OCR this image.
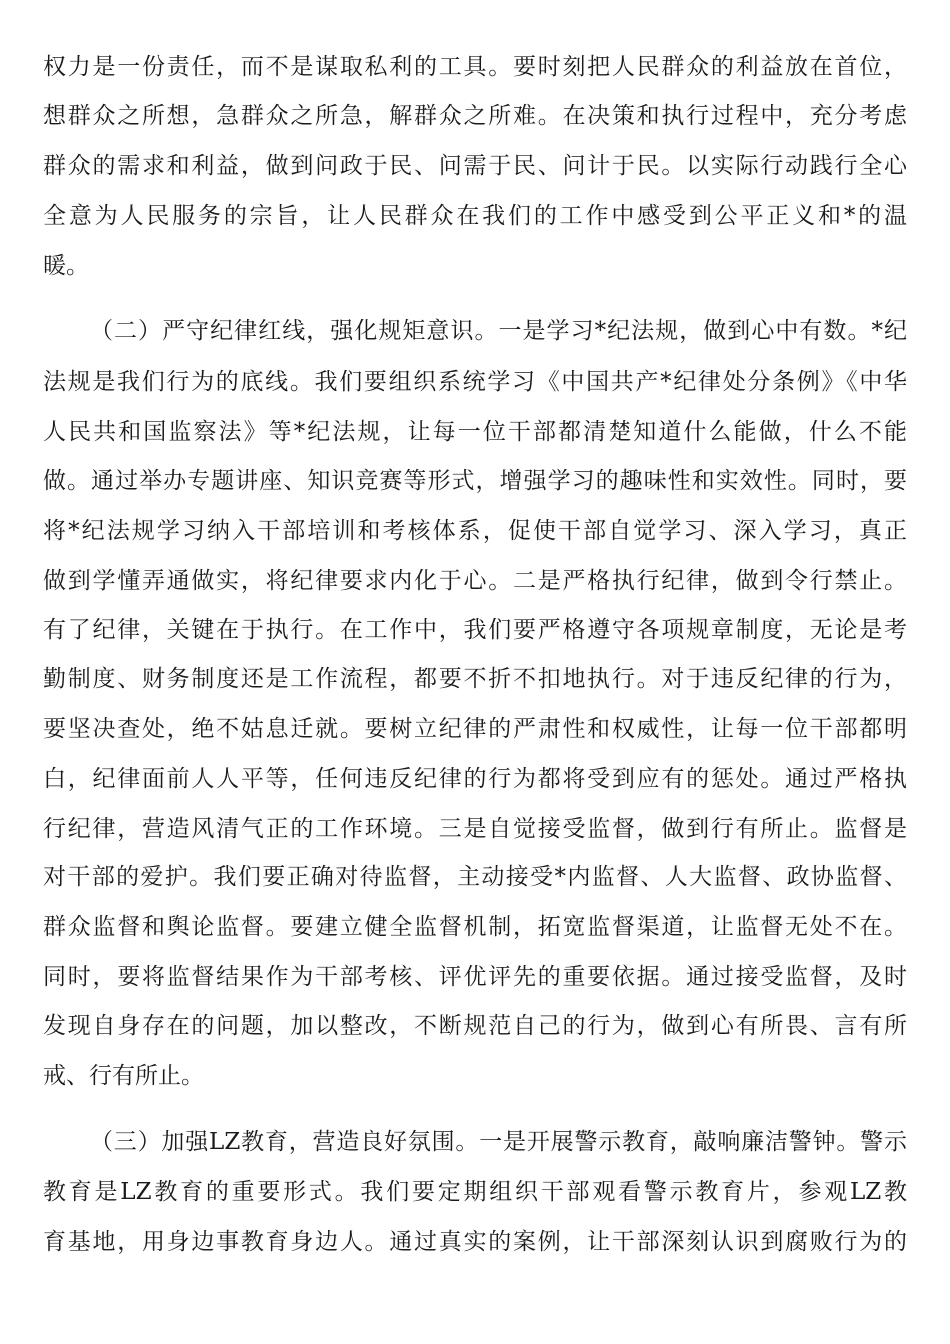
权力是一份责任，而不是谋取私利的工具。要时刻把人民群众的利益放在首位，
想群众之所想，急群众之所急，解群众之所难。在决策和执行过程中，充分考虑
群众的需求和利益，做到问政于民、问需于民、问计于民。以实际行动践行全心
全意为人民服务的宗旨，让人民群众在我们的工作中感受到公平正义和*的温
暖。
（二）严守纪律红线，强化规矩意识。一是学习*纪法规，做到心中有数。*纪
法规是我们行为的底线。我们要组织系统学习《中国共产*纪律处分条例》《中华
人民共和国监察法》等*纪法规，让每一位干部都清楚知道什么能做，什么不能
做。通过举办专题讲座、知识竞赛等形式，增强学习的趣味性和实效性。同时，要
将*纪法规学习纳入干部培训和考核体系，促使干部自觉学习、深入学习，真正
做到学懂弄通做实，将纪律要求内化于心。二是严格执行纪律，做到令行禁止。
有了纪律，关键在于执行。在工作中，我们要严格遵守各项规章制度，无论是考
勤制度、财务制度还是工作流程，都要不折不扣地执行。对于违反纪律的行为，
要坚决查处，绝不姑息迁就。要树立纪律的严肃性和权威性，让每一位干部都明
白，纪律面前人人平等，任何违反纪律的行为都将受到应有的惩处。通过严格执
行纪律，营造风清气正的工作环境。三是自觉接受监督，做到行有所止。监督是
对干部的爱护。我们要正确对待监督，主动接受*内监督、人大监督、政协监督、
群众监督和舆论监督。要建立健全监督机制，拓宽监督渠道，让监督无处不在。
同时，要将监督结果作为干部考核、评优评先的重要依据。通过接受监督，及时
发现自身存在的问题，加以整改，不断规范自己的行为，做到心有所畏、言有所
戒、行有所止。
（三）加强LZ教育，营造良好氛围。一是开展警示教育，敲响廉洁警钟。警示
教育是LZ教育的重要形式。我们要定期组织干部观看警示教育片，参观LZ教
育基地，用身边事教育身边人。通过真实的案例，让干部深刻认识到腐败行为的
